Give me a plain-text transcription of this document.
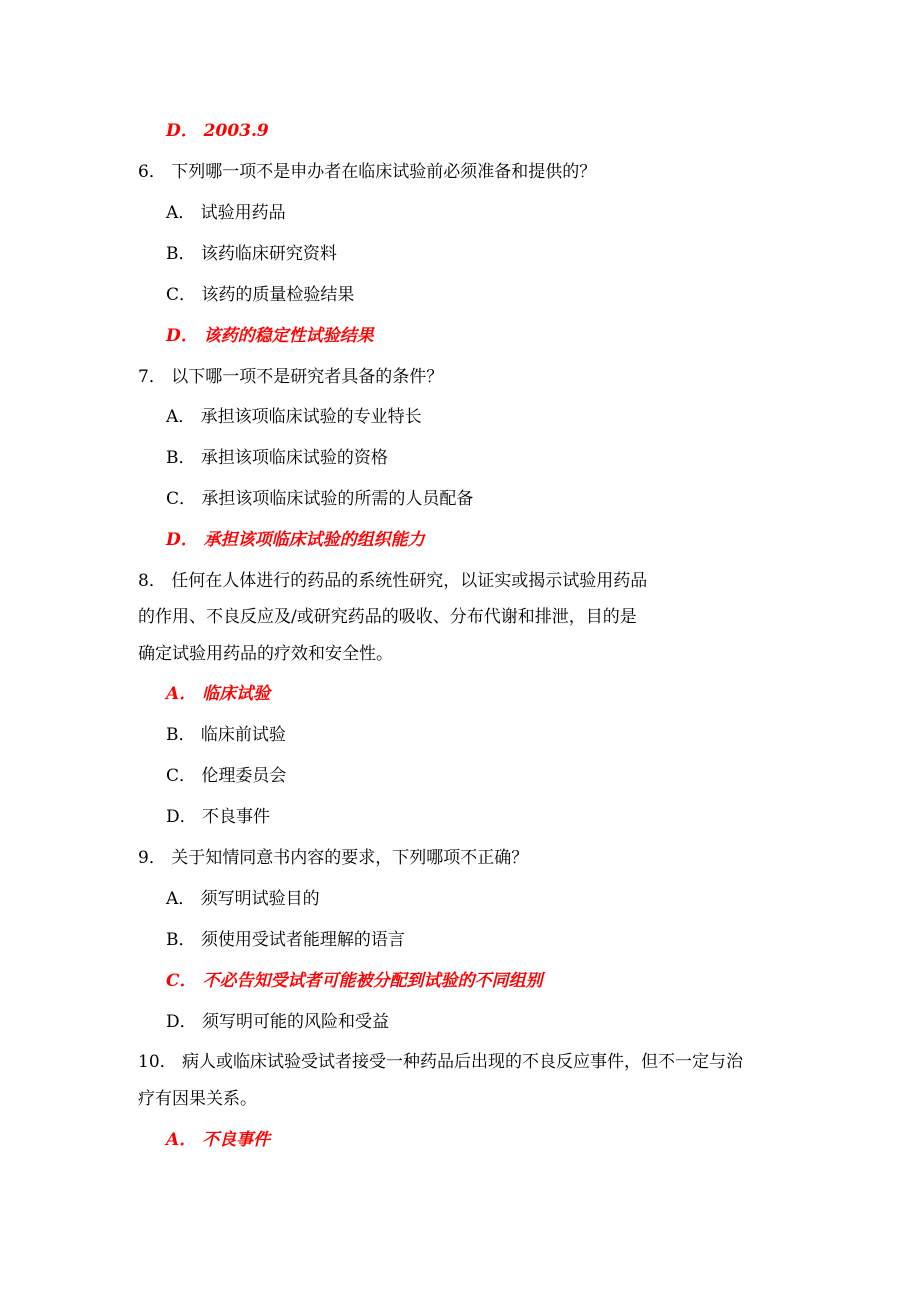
D． 2003.9
6． 下列哪一项不是申办者在临床试验前必须准备和提供的？
A． 试验用药品
B． 该药临床研究资料
C． 该药的质量检验结果
D． 该药的稳定性试验结果
7． 以下哪一项不是研究者具备的条件？
A． 承担该项临床试验的专业特长
B． 承担该项临床试验的资格
C． 承担该项临床试验的所需的人员配备
D． 承担该项临床试验的组织能力
8． 任何在人体进行的药品的系统性研究，以证实或揭示试验用药品
的作用、不良反应及/或研究药品的吸收、分布代谢和排泄，目的是
确定试验用药品的疗效和安全性。
A． 临床试验
B． 临床前试验
C． 伦理委员会
D． 不良事件
9． 关于知情同意书内容的要求，下列哪项不正确？
A． 须写明试验目的
B． 须使用受试者能理解的语言
C． 不必告知受试者可能被分配到试验的不同组别
D． 须写明可能的风险和受益
10． 病人或临床试验受试者接受一种药品后出现的不良反应事件，但不一定与治
疗有因果关系。
A． 不良事件
